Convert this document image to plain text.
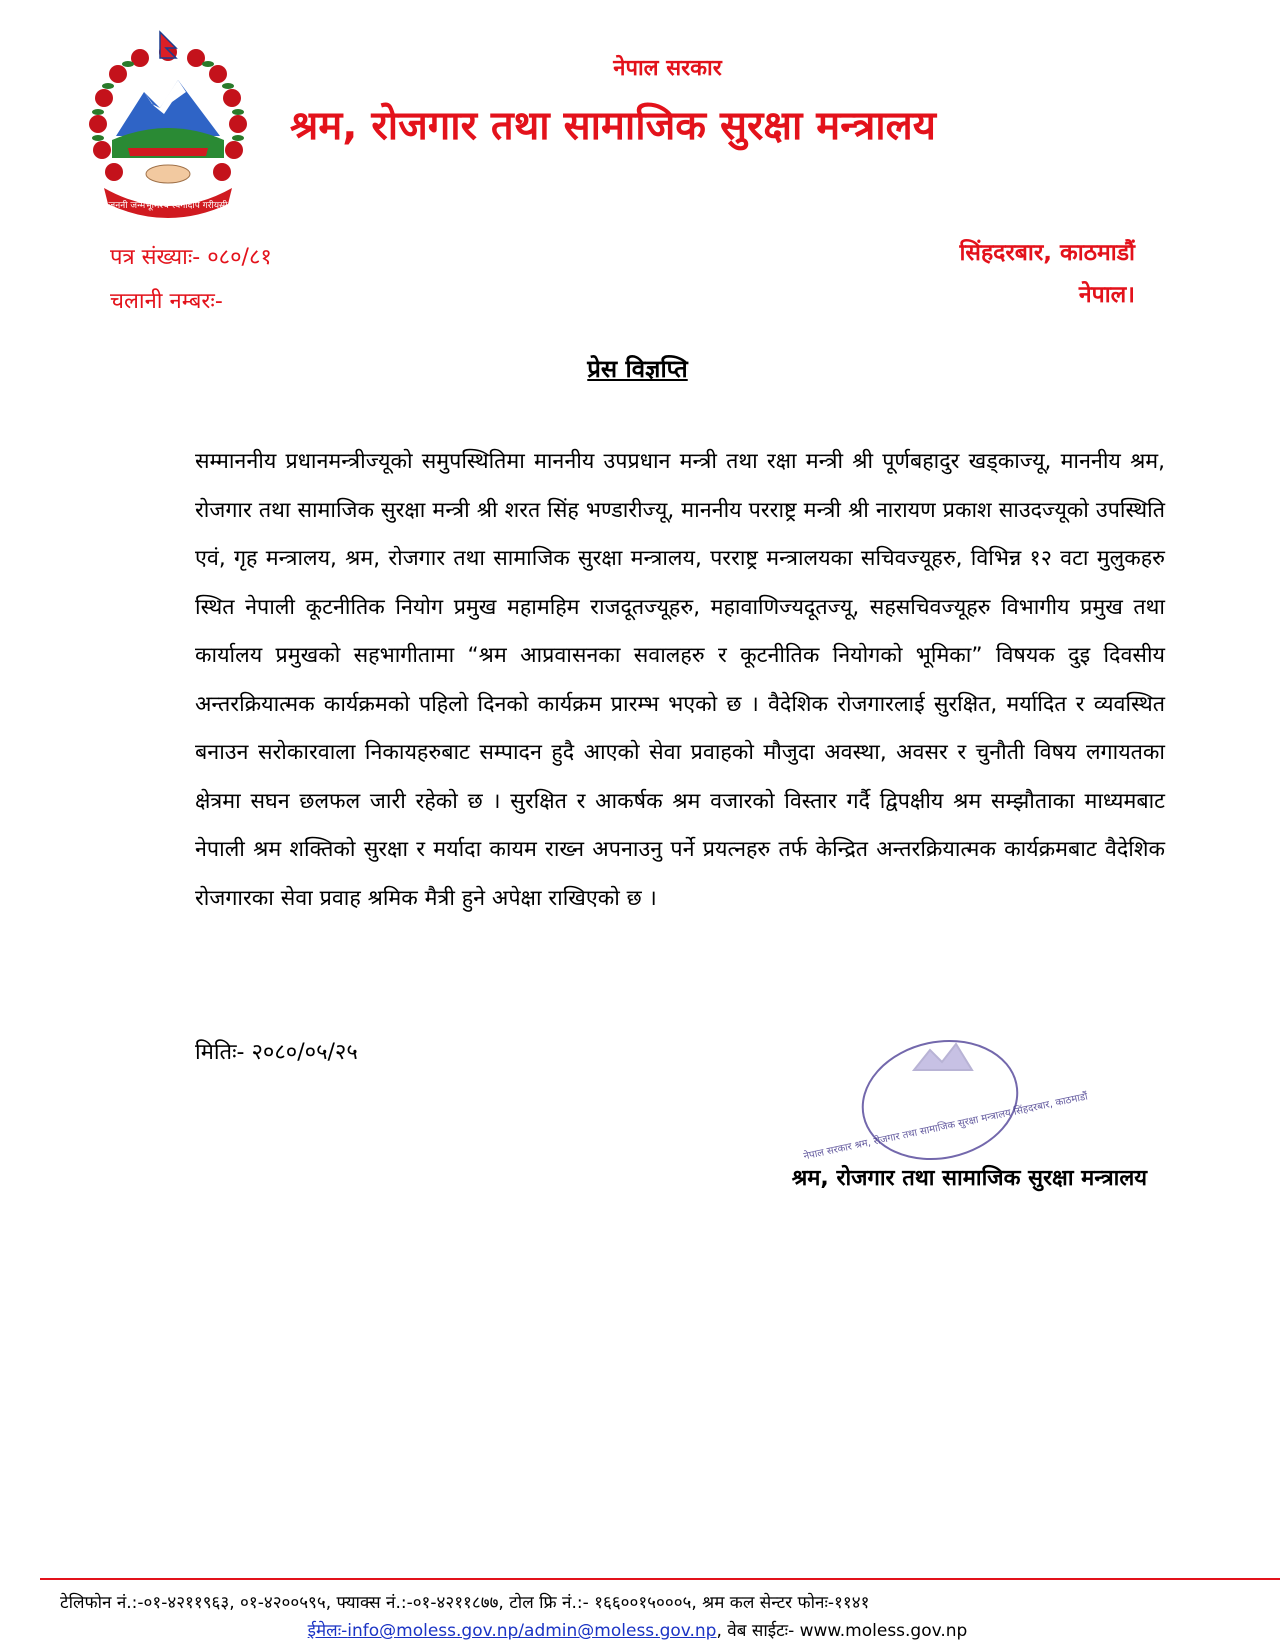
जननी जन्मभूमिश्च स्वर्गादपि गरीयसी
नेपाल सरकार
श्रम, रोजगार तथा सामाजिक सुरक्षा मन्त्रालय
पत्र संख्याः- ०८०/८१
चलानी नम्बरः-
सिंहदरबार, काठमाडौं
नेपाल।
प्रेस विज्ञप्ति
सम्माननीय प्रधानमन्त्रीज्यूको समुपस्थितिमा माननीय उपप्रधान मन्त्री तथा रक्षा मन्त्री श्री पूर्णबहादुर खड्काज्यू, माननीय श्रम, रोजगार तथा सामाजिक सुरक्षा मन्त्री श्री शरत सिंह भण्डारीज्यू, माननीय परराष्ट्र मन्त्री श्री नारायण प्रकाश साउदज्यूको उपस्थिति एवं, गृह मन्त्रालय, श्रम, रोजगार तथा सामाजिक सुरक्षा मन्त्रालय, परराष्ट्र मन्त्रालयका सचिवज्यूहरु, विभिन्न १२ वटा मुलुकहरु स्थित नेपाली कूटनीतिक नियोग प्रमुख महामहिम राजदूतज्यूहरु, महावाणिज्यदूतज्यू, सहसचिवज्यूहरु विभागीय प्रमुख तथा कार्यालय प्रमुखको सहभागीतामा “श्रम आप्रवासनका सवालहरु र कूटनीतिक नियोगको भूमिका” विषयक दुइ दिवसीय अन्तरक्रियात्मक कार्यक्रमको पहिलो दिनको कार्यक्रम प्रारम्भ भएको छ । वैदेशिक रोजगारलाई सुरक्षित, मर्यादित र व्यवस्थित बनाउन सरोकारवाला निकायहरुबाट सम्पादन हुदै आएको सेवा प्रवाहको मौजुदा अवस्था, अवसर र चुनौती विषय लगायतका क्षेत्रमा सघन छलफल जारी रहेको छ । सुरक्षित र आकर्षक श्रम वजारको विस्तार गर्दै द्विपक्षीय श्रम सम्झौताका माध्यमबाट नेपाली श्रम शक्तिको सुरक्षा र मर्यादा कायम राख्न अपनाउनु पर्ने प्रयत्नहरु तर्फ केन्द्रित अन्तरक्रियात्मक कार्यक्रमबाट वैदेशिक रोजगारका सेवा प्रवाह श्रमिक मैत्री हुने अपेक्षा राखिएको छ ।
मितिः- २०८०/०५/२५
नेपाल सरकार श्रम, रोजगार तथा सामाजिक सुरक्षा मन्त्रालय सिंहदरबार, काठमाडौं
श्रम, रोजगार तथा सामाजिक सुरक्षा मन्त्रालय
टेलिफोन नं.:-०१-४२११९६३, ०१-४२००५९५, फ्याक्स नं.:-०१-४२११८७७, टोल फ्रि नं.:- १६६००१५०००५, श्रम कल सेन्टर फोनः-११४१
ईमेलः-info@moless.gov.np/admin@moless.gov.np, वेब साईटः- www.moless.gov.np
